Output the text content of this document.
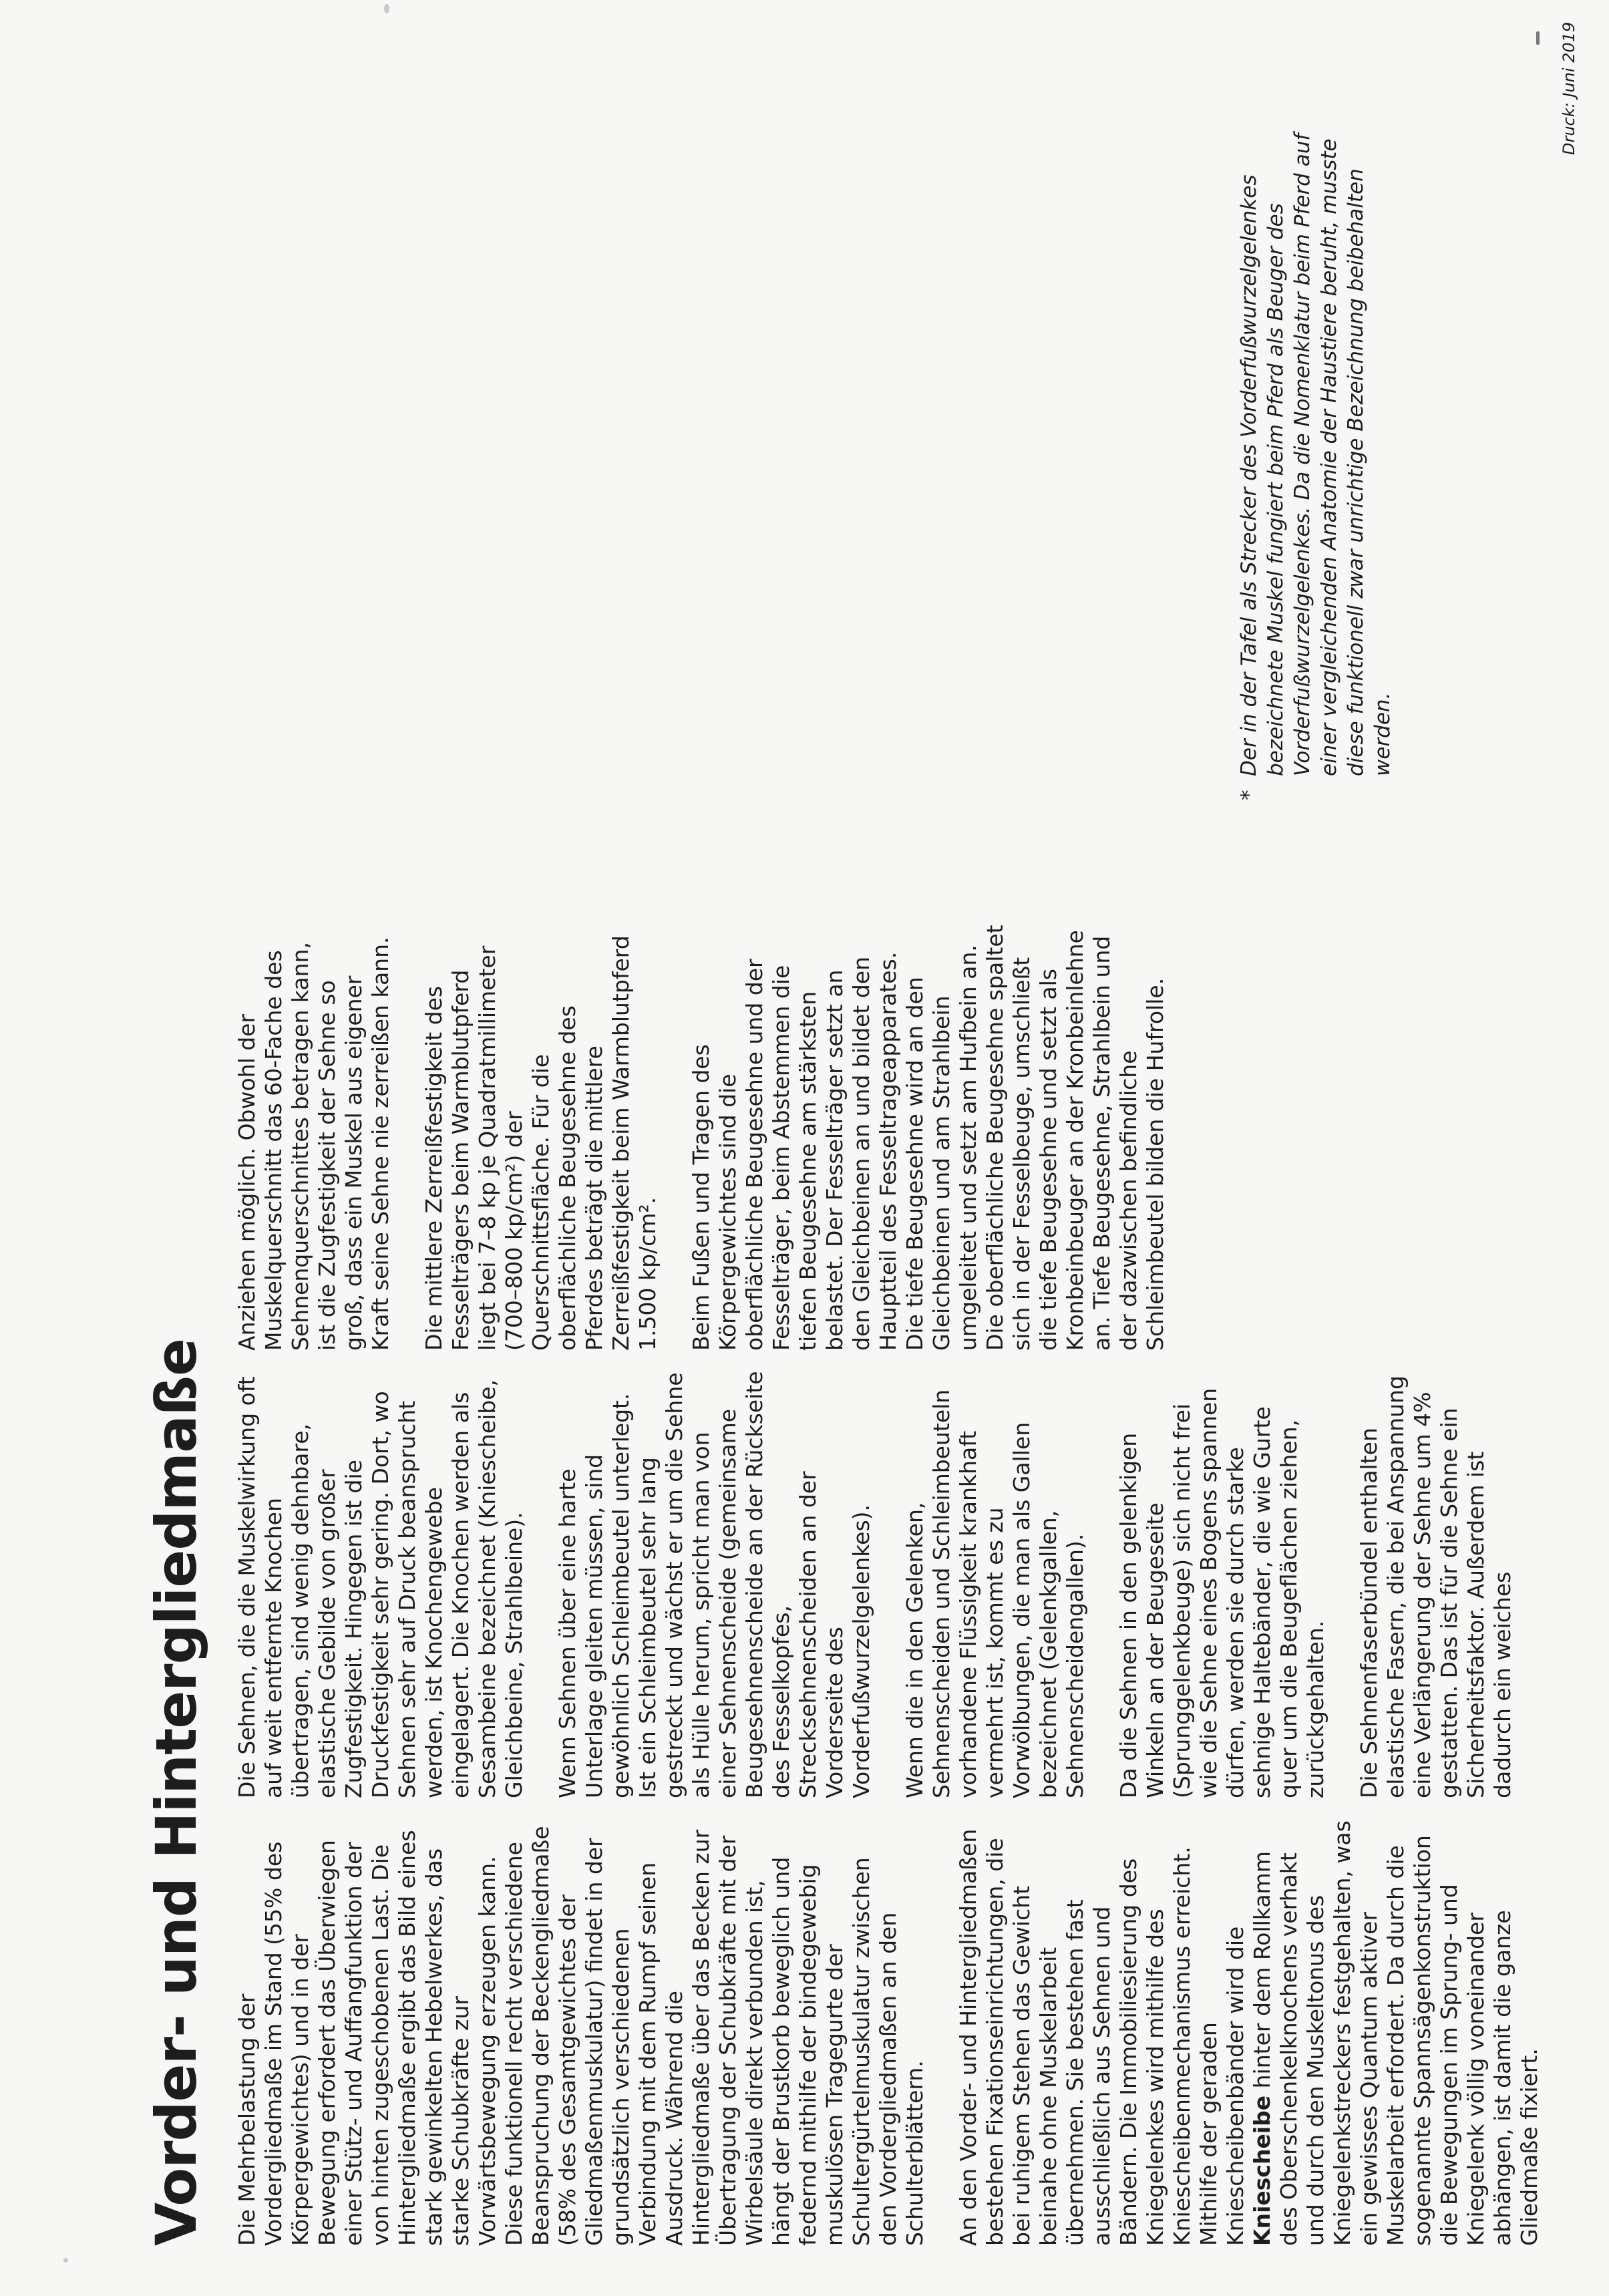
Vorder- und Hintergliedmaße Die Mehrbelastung der Vordergliedmaße im Stand (55% des Körpergewichtes) und in der Bewegung erfordert das Überwiegen einer Stütz- und Auffangfunktion der von hinten zugeschobenen Last. Die Hintergliedmaße ergibt das Bild eines stark gewinkelten Hebelwerkes, das starke Schubkräfte zur Vorwärtsbewegung erzeugen kann. Diese funktionell recht verschiedene Beanspruchung der Beckengliedmaße (58% des Gesamtgewichtes der Gliedmaßenmuskulatur) findet in der grundsätzlich verschiedenen Verbindung mit dem Rumpf seinen Ausdruck. Während die Hintergliedmaße über das Becken zur Übertragung der Schubkräfte mit der Wirbelsäule direkt verbunden ist, hängt der Brustkorb beweglich und federnd mithilfe der bindegewebig muskulösen Tragegurte der Schultergürtelmuskulatur zwischen den Vordergliedmaßen an den Schulterblättern. An den Vorder- und Hintergliedmaßen bestehen Fixationseinrichtungen, die bei ruhigem Stehen das Gewicht beinahe ohne Muskelarbeit übernehmen. Sie bestehen fast ausschließlich aus Sehnen und Bändern. Die Immobiliesierung des Kniegelenkes wird mithilfe des Kniescheibenmechanismus erreicht. Mithilfe der geraden Kniescheibenbänder wird die Kniescheibe hinter dem Rollkamm des Oberschenkelknochens verhakt und durch den Muskeltonus des Kniegelenkstreckers festgehalten, was ein gewisses Quantum aktiver Muskelarbeit erfordert. Da durch die sogenannte Spannsägenkonstruktion die Bewegungen im Sprung- und Kniegelenk völlig voneinander abhängen, ist damit die ganze Gliedmaße fixiert.

Die Sehnen, die die Muskelwirkung oft auf weit entfernte Knochen übertragen, sind wenig dehnbare, elastische Gebilde von großer Zugfestigkeit. Hingegen ist die Druckfestigkeit sehr gering. Dort, wo Sehnen sehr auf Druck beansprucht werden, ist Knochengewebe eingelagert. Die Knochen werden als Sesambeine bezeichnet (Kniescheibe, Gleichbeine, Strahlbeine). Wenn Sehnen über eine harte Unterlage gleiten müssen, sind gewöhnlich Schleimbeutel unterlegt. Ist ein Schleimbeutel sehr lang gestreckt und wächst er um die Sehne als Hülle herum, spricht man von einer Sehnenscheide (gemeinsame Beugesehnenscheide an der Rückseite des Fesselkopfes, Strecksehnenscheiden an der Vorderseite des Vorderfußwurzelgelenkes). Wenn die in den Gelenken, Sehnenscheiden und Schleimbeuteln vorhandene Flüssigkeit krankhaft vermehrt ist, kommt es zu Vorwölbungen, die man als Gallen bezeichnet (Gelenkgallen, Sehnenscheidengallen). Da die Sehnen in den gelenkigen Winkeln an der Beugeseite (Sprunggelenkbeuge) sich nicht frei wie die Sehne eines Bogens spannen dürfen, werden sie durch starke sehnige Haltebänder, die wie Gurte quer um die Beugeflächen ziehen, zurückgehalten. Die Sehnenfaserbündel enthalten elastische Fasern, die bei Anspannung eine Verlängerung der Sehne um 4% gestatten. Das ist für die Sehne ein Sicherheitsfaktor. Außerdem ist dadurch ein weiches

Anziehen möglich. Obwohl der Muskelquerschnitt das 60-Fache des Sehnenquerschnittes betragen kann, ist die Zugfestigkeit der Sehne so groß, dass ein Muskel aus eigener Kraft seine Sehne nie zerreißen kann. Die mittlere Zerreißfestigkeit des Fesselträgers beim Warmblutpferd liegt bei 7–8 kp je Quadratmillimeter (700–800 kp/cm²) der Querschnittsfläche. Für die oberflächliche Beugesehne des Pferdes beträgt die mittlere Zerreißfestigkeit beim Warmblutpferd 1.500 kp/cm². Beim Fußen und Tragen des Körpergewichtes sind die oberflächliche Beugesehne und der Fesselträger, beim Abstemmen die tiefen Beugesehne am stärksten belastet. Der Fesselträger setzt an den Gleichbeinen an und bildet den Hauptteil des Fesseltrageapparates. Die tiefe Beugesehne wird an den Gleichbeinen und am Strahlbein umgeleitet und setzt am Hufbein an. Die oberflächliche Beugesehne spaltet sich in der Fesselbeuge, umschließt die tiefe Beugesehne und setzt als Kronbeinbeuger an der Kronbeinlehne an. Tiefe Beugesehne, Strahlbein und der dazwischen befindliche Schleimbeutel bilden die Hufrolle.

*

Der in der Tafel als Strecker des Vorderfußwurzelgelenkes bezeichnete Muskel fungiert beim Pferd als Beuger des Vorderfußwurzelgelenkes. Da die Nomenklatur beim Pferd auf einer vergleichenden Anatomie der Haustiere beruht, musste diese funktionell zwar unrichtige Bezeichnung beibehalten werden.

Druck: Juni 2019
